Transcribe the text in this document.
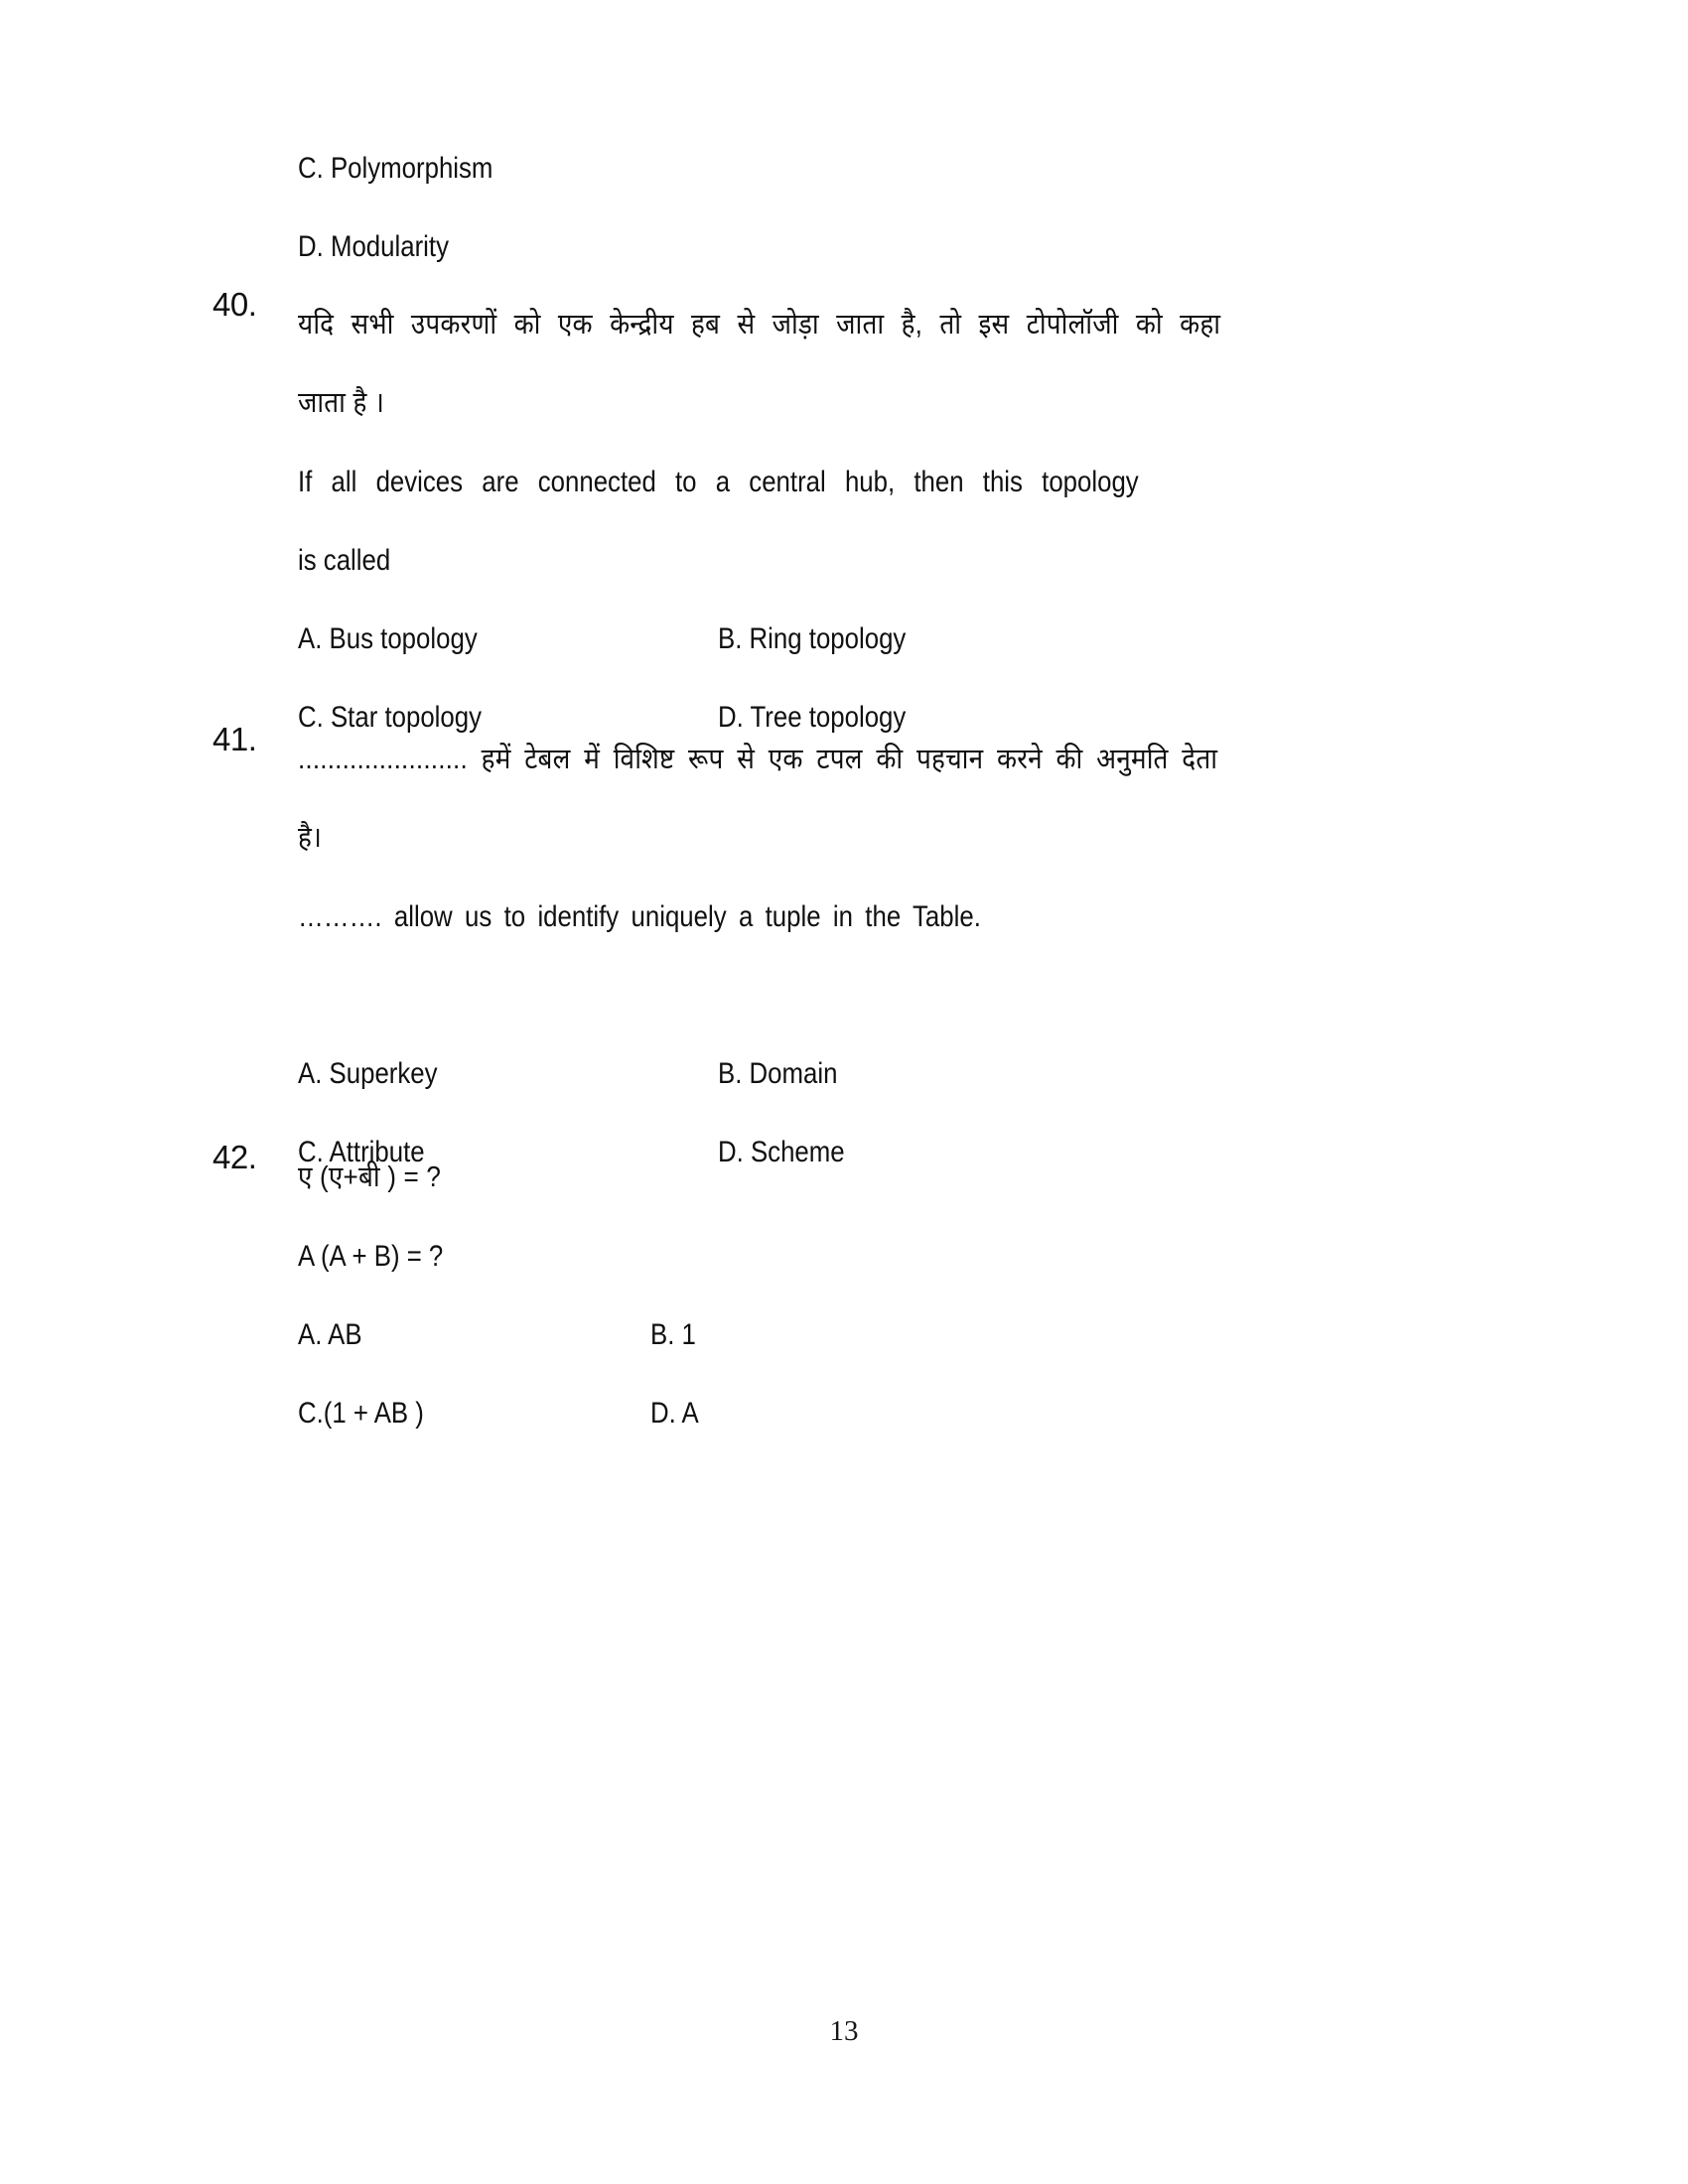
C. Polymorphism
D. Modularity
40.
यदि सभी उपकरणों को एक केन्द्रीय हब से जोड़ा जाता है, तो इस टोपोलॉजी को कहा
जाता है ।
If all devices are connected to a central hub, then this topology
is called
A. Bus topology	B. Ring topology
C. Star topology	D. Tree topology
41.
....................... हमें टेबल में विशिष्ट रूप से एक टपल की पहचान करने की अनुमति देता
है।
………. allow us to identify uniquely a tuple in the Table.
A. Superkey	B. Domain
C. Attribute	D. Scheme
42.
ए (ए+बी ) = ?
A (A + B) = ?
A. AB	B. 1
C.(1 + AB )	D. A
13
